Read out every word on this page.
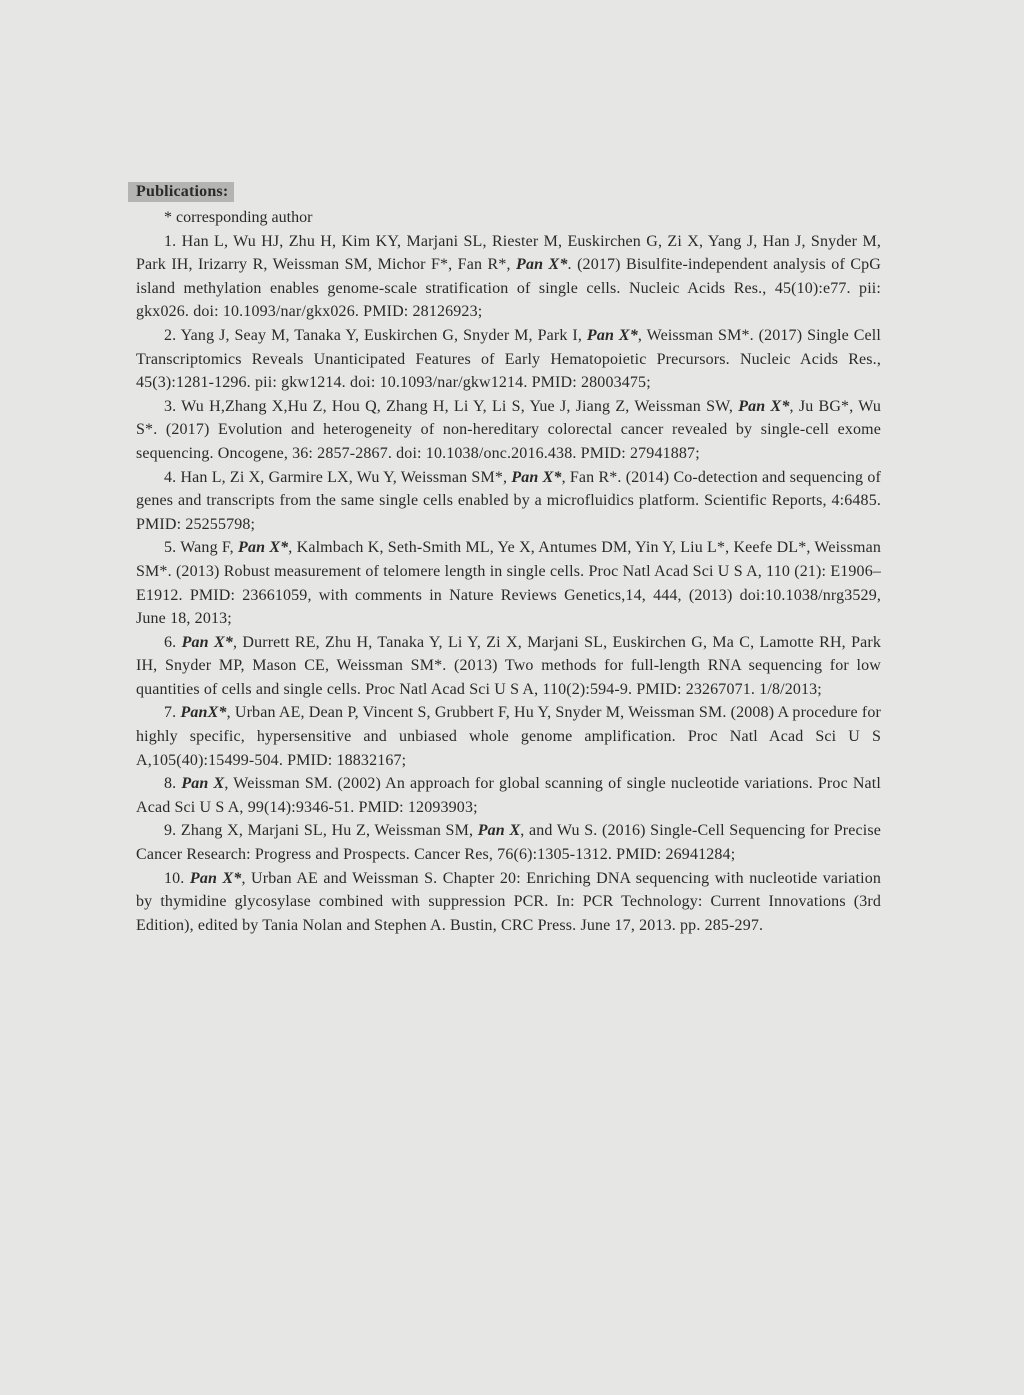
Publications:

* corresponding author

1. Han L, Wu HJ, Zhu H, Kim KY, Marjani SL, Riester M, Euskirchen G, Zi X, Yang J, Han J, Snyder M, Park IH, Irizarry R, Weissman SM, Michor F*, Fan R*, Pan X*. (2017) Bisulfite-independent analysis of CpG island methylation enables genome-scale stratification of single cells. Nucleic Acids Res., 45(10):e77. pii: gkx026. doi: 10.1093/nar/gkx026. PMID: 28126923;

2. Yang J, Seay M, Tanaka Y, Euskirchen G, Snyder M, Park I, Pan X*, Weissman SM*. (2017) Single Cell Transcriptomics Reveals Unanticipated Features of Early Hematopoietic Precursors. Nucleic Acids Res., 45(3):1281-1296. pii: gkw1214. doi: 10.1093/nar/gkw1214. PMID: 28003475;

3. Wu H,Zhang X,Hu Z, Hou Q, Zhang H, Li Y, Li S, Yue J, Jiang Z, Weissman SW, Pan X*, Ju BG*, Wu S*. (2017) Evolution and heterogeneity of non-hereditary colorectal cancer revealed by single-cell exome sequencing. Oncogene, 36: 2857-2867. doi: 10.1038/onc.2016.438. PMID: 27941887;

4. Han L, Zi X, Garmire LX, Wu Y, Weissman SM*, Pan X*, Fan R*. (2014) Co-detection and sequencing of genes and transcripts from the same single cells enabled by a microfluidics platform. Scientific Reports, 4:6485. PMID: 25255798;

5. Wang F, Pan X*, Kalmbach K, Seth-Smith ML, Ye X, Antumes DM, Yin Y, Liu L*, Keefe DL*, Weissman SM*. (2013) Robust measurement of telomere length in single cells. Proc Natl Acad Sci U S A, 110 (21): E1906–E1912. PMID: 23661059, with comments in Nature Reviews Genetics,14, 444, (2013) doi:10.1038/nrg3529, June 18, 2013;

6. Pan X*, Durrett RE, Zhu H, Tanaka Y, Li Y, Zi X, Marjani SL, Euskirchen G, Ma C, Lamotte RH, Park IH, Snyder MP, Mason CE, Weissman SM*. (2013) Two methods for full-length RNA sequencing for low quantities of cells and single cells. Proc Natl Acad Sci U S A, 110(2):594-9. PMID: 23267071. 1/8/2013;

7. PanX*, Urban AE, Dean P, Vincent S, Grubbert F, Hu Y, Snyder M, Weissman SM. (2008) A procedure for highly specific, hypersensitive and unbiased whole genome amplification. Proc Natl Acad Sci U S A,105(40):15499-504. PMID: 18832167;

8. Pan X, Weissman SM. (2002) An approach for global scanning of single nucleotide variations. Proc Natl Acad Sci U S A, 99(14):9346-51. PMID: 12093903;

9. Zhang X, Marjani SL, Hu Z, Weissman SM, Pan X, and Wu S. (2016) Single-Cell Sequencing for Precise Cancer Research: Progress and Prospects. Cancer Res, 76(6):1305-1312. PMID: 26941284;

10. Pan X*, Urban AE and Weissman S. Chapter 20: Enriching DNA sequencing with nucleotide variation by thymidine glycosylase combined with suppression PCR. In: PCR Technology: Current Innovations (3rd Edition), edited by Tania Nolan and Stephen A. Bustin, CRC Press. June 17, 2013. pp. 285-297.
